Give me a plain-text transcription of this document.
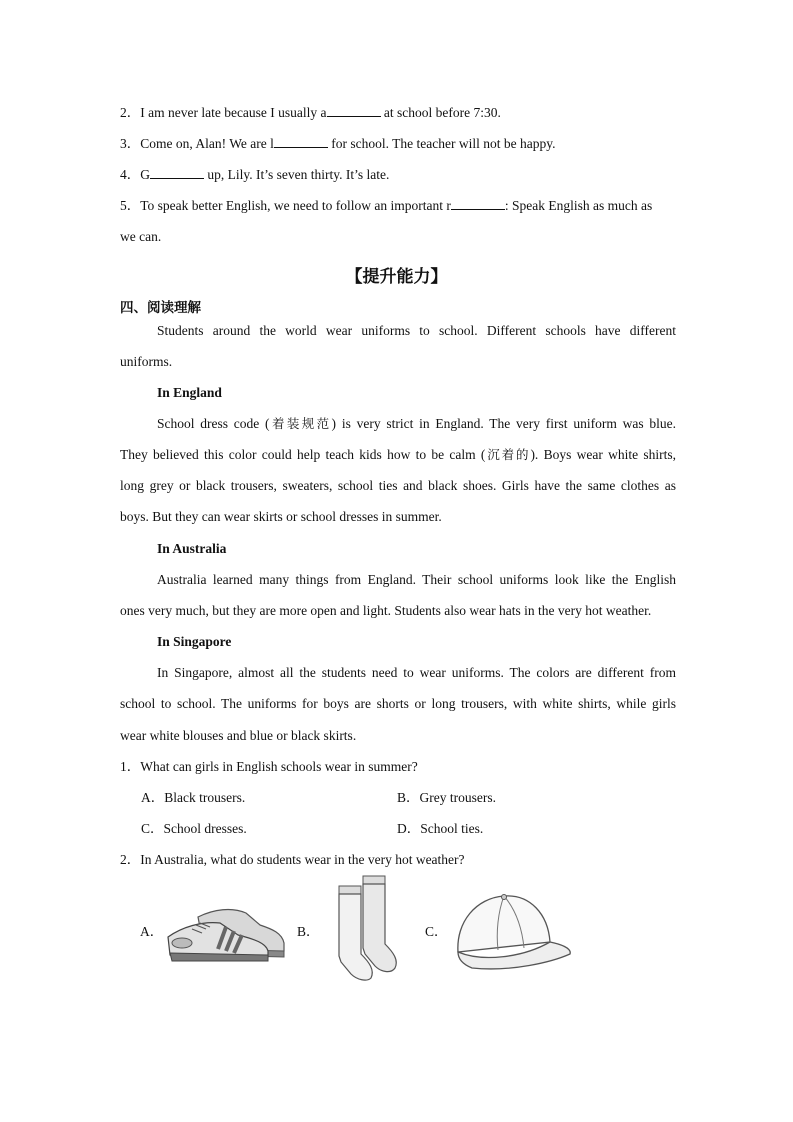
2．I am never late because I usually a	at school before 7:30.
3．Come on, Alan! We are l	for school. The teacher will not be happy.
4．G	up, Lily. It’s seven thirty. It’s late.
5．To speak better English, we need to follow an important r	: Speak English as much as
we can.
【提升能力】
四、阅读理解
Students around the world wear uniforms to school. Different schools have different
uniforms.
In England
School dress code (着装规范) is very strict in England. The very first uniform was blue.
They believed this color could help teach kids how to be calm (沉着的). Boys wear white shirts,
long grey or black trousers, sweaters, school ties and black shoes. Girls have the same clothes as
boys. But they can wear skirts or school dresses in summer.
In Australia
Australia learned many things from England. Their school uniforms look like the English
ones very much, but they are more open and light. Students also wear hats in the very hot weather.
In Singapore
In Singapore, almost all the students need to wear uniforms. The colors are different from
school to school. The uniforms for boys are shorts or long trousers, with white shirts, while girls
wear white blouses and blue or black skirts.
1．What can girls in English schools wear in summer?
A．Black trousers.	B．Grey trousers.
C．School dresses.	D．School ties.
2．In Australia, what do students wear in the very hot weather?
A．	B．	C．
